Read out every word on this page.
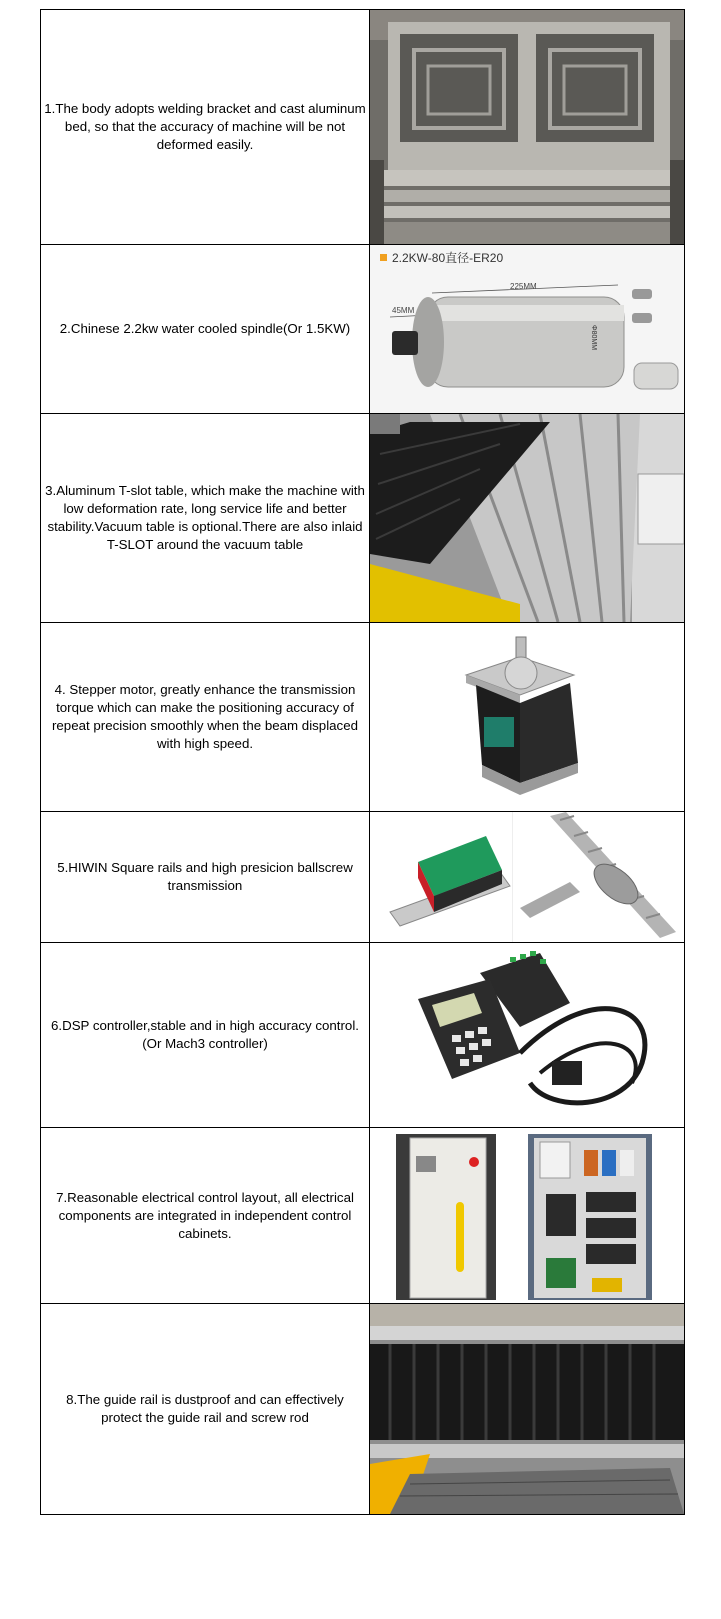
1.The body adopts welding bracket and cast aluminum bed, so that the accuracy of machine will be not deformed easily.	

2.Chinese 2.2kw water cooled spindle(Or 1.5KW)	2.2KW-80直径-ER20
225MM
45MM
Φ80MM

3.Aluminum T-slot table, which make the machine with low deformation rate, long service life and better stability.Vacuum table is optional.There are also inlaid T-SLOT around the vacuum table	

4. Stepper motor, greatly enhance the transmission torque which can make the positioning accuracy of repeat precision smoothly when the beam displaced with high speed.	

5.HIWIN Square rails and high presicion ballscrew transmission	

6.DSP controller,stable and in high accuracy control.(Or Mach3 controller)	

7.Reasonable electrical control layout, all electrical components are integrated in independent control cabinets.	

8.The guide rail is dustproof and can effectively protect the guide rail and screw rod	
